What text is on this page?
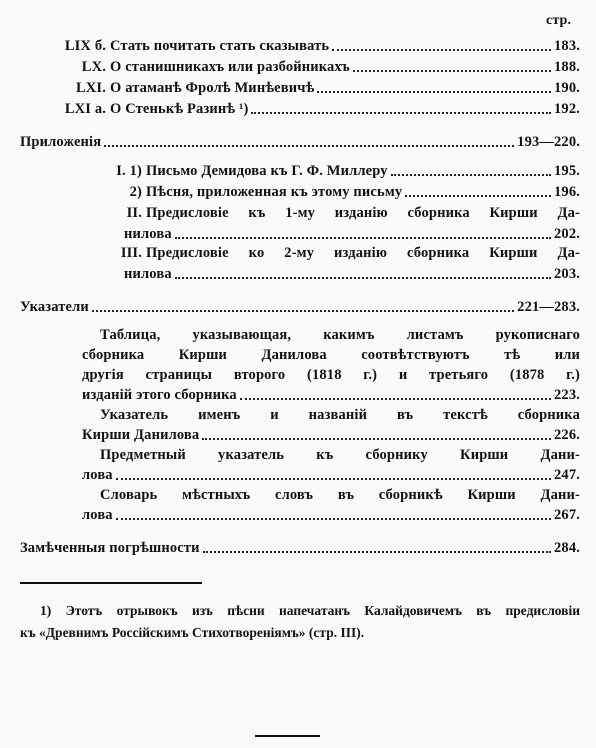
стр.
LIX б. Стать почитать стать сказывать	183.
LX. О станишникахъ или разбойникахъ	188.
LXI. О атаманѣ Фролѣ Минѣевичѣ	190.
LXI а. О Стенькѣ Разинѣ ¹)	192.
Приложенія	193—220.
I. 1) Письмо Демидова къ Г. Ф. Миллеру	195.
2) Пѣсня, приложенная къ этому письму	196.
II. Предисловіе къ 1-му изданію сборника Кирши Да-
нилова	202.
III. Предисловіе ко 2-му изданію сборника Кирши Да-
нилова	203.
Указатели	221—283.
Таблица, указывающая, какимъ листамъ рукописнаго
сборника Кирши Данилова соотвѣтствуютъ тѣ или
другія страницы второго (1818 г.) и третьяго (1878 г.)
изданій этого сборника	223.
Указатель именъ и названій въ текстѣ сборника
Кирши Данилова	226.
Предметный указатель къ сборнику Кирши Дани-
лова	247.
Словарь мѣстныхъ словъ въ сборникѣ Кирши Дани-
лова	267.
Замѣченныя погрѣшности	284.
1) Этотъ отрывокъ изъ пѣсни напечатанъ Калайдовичемъ въ предисловіи
къ «Древнимъ Россійскимъ Стихотвореніямъ» (стр. III).
